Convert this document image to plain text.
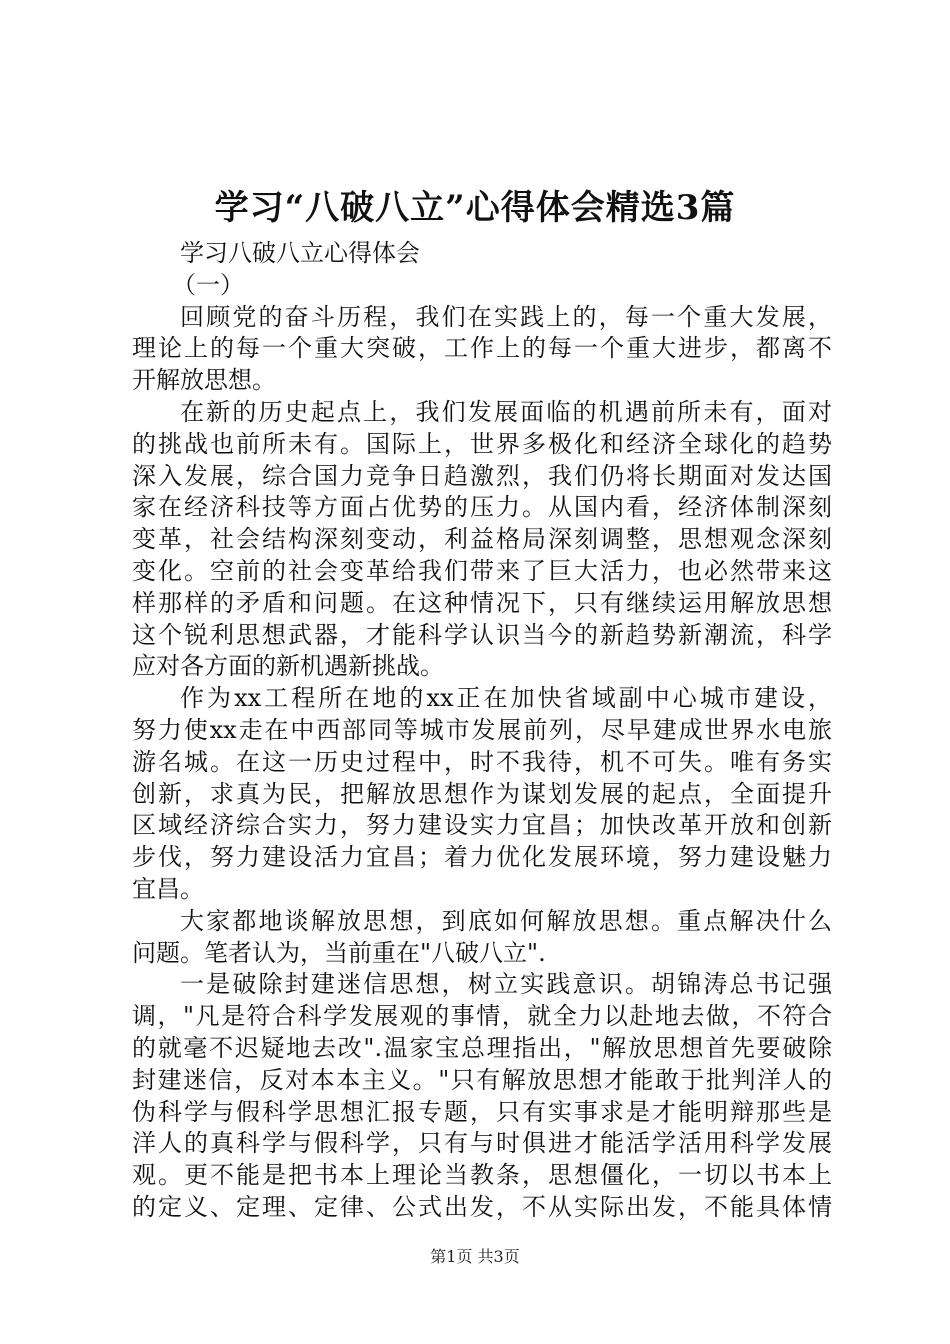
学习“八破八立”心得体会精选3篇
学习八破八立心得体会
（一）
回顾党的奋斗历程，我们在实践上的，每一个重大发展，
理论上的每一个重大突破，工作上的每一个重大进步，都离不
开解放思想。
在新的历史起点上，我们发展面临的机遇前所未有，面对
的挑战也前所未有。国际上，世界多极化和经济全球化的趋势
深入发展，综合国力竞争日趋激烈，我们仍将长期面对发达国
家在经济科技等方面占优势的压力。从国内看，经济体制深刻
变革，社会结构深刻变动，利益格局深刻调整，思想观念深刻
变化。空前的社会变革给我们带来了巨大活力，也必然带来这
样那样的矛盾和问题。在这种情况下，只有继续运用解放思想
这个锐利思想武器，才能科学认识当今的新趋势新潮流，科学
应对各方面的新机遇新挑战。
作为xx工程所在地的xx正在加快省域副中心城市建设，
努力使xx走在中西部同等城市发展前列，尽早建成世界水电旅
游名城。在这一历史过程中，时不我待，机不可失。唯有务实
创新，求真为民，把解放思想作为谋划发展的起点，全面提升
区域经济综合实力，努力建设实力宜昌；加快改革开放和创新
步伐，努力建设活力宜昌；着力优化发展环境，努力建设魅力
宜昌。
大家都地谈解放思想，到底如何解放思想。重点解决什么
问题。笔者认为，当前重在"八破八立".
一是破除封建迷信思想，树立实践意识。胡锦涛总书记强
调，"凡是符合科学发展观的事情，就全力以赴地去做，不符合
的就毫不迟疑地去改".温家宝总理指出，"解放思想首先要破除
封建迷信，反对本本主义。"只有解放思想才能敢于批判洋人的
伪科学与假科学思想汇报专题，只有实事求是才能明辩那些是
洋人的真科学与假科学，只有与时俱进才能活学活用科学发展
观。更不能是把书本上理论当教条，思想僵化，一切以书本上
的定义、定理、定律、公式出发，不从实际出发，不能具体情
第1页 共3页
